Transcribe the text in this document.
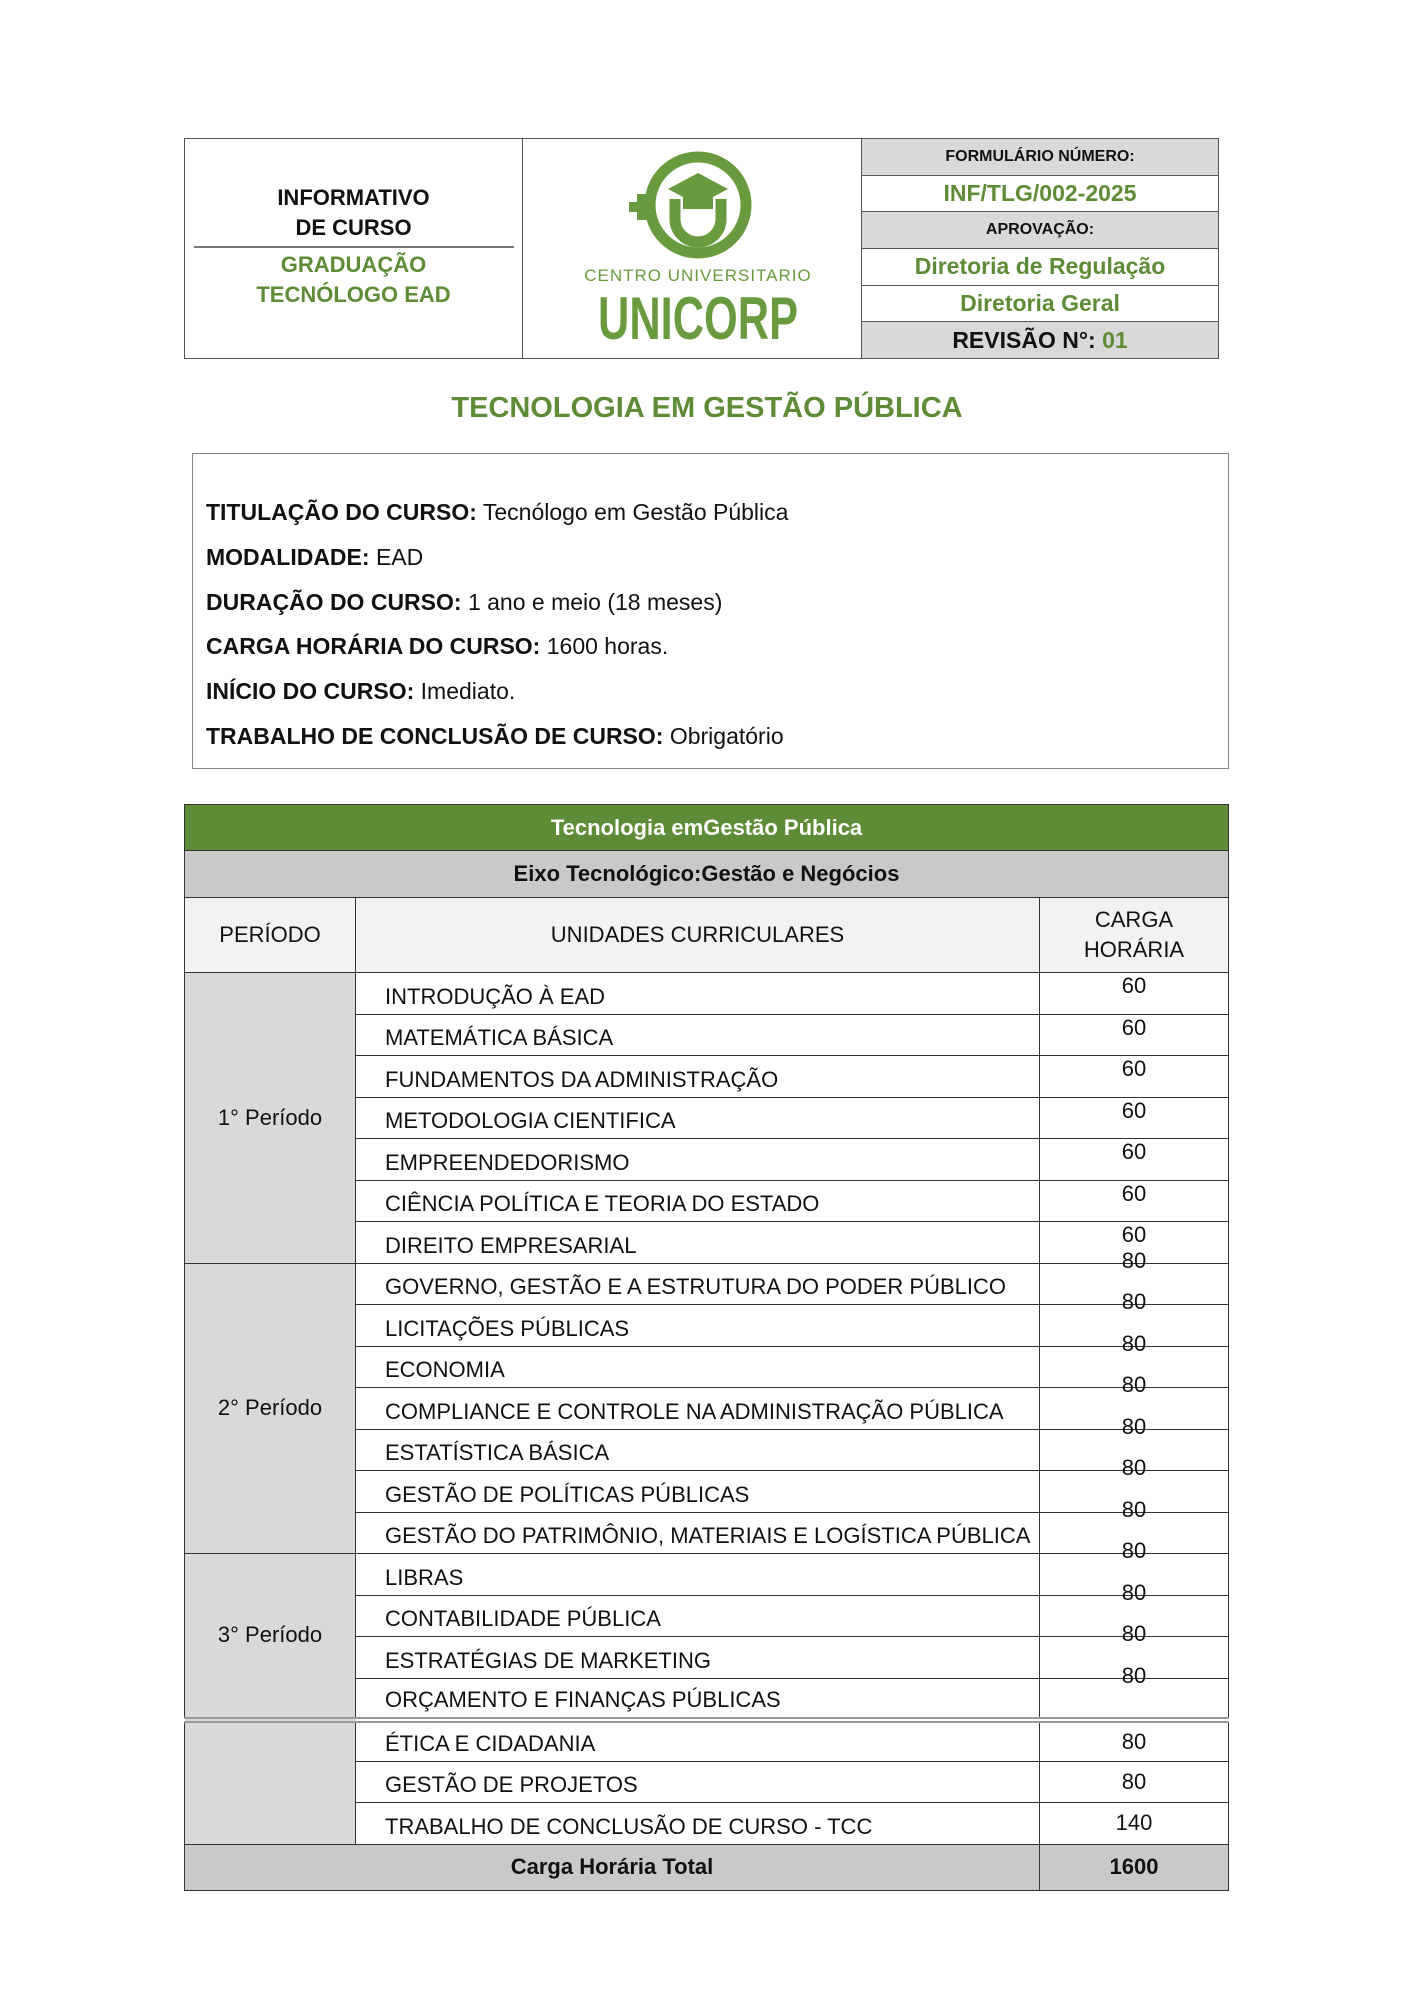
INFORMATIVO
DE CURSO
GRADUAÇÃO
TECNÓLOGO EAD
CENTRO UNIVERSITARIO
UNICORP
FORMULÁRIO NÚMERO:
INF/TLG/002-2025
APROVAÇÃO:
Diretoria de Regulação
Diretoria Geral
REVISÃO N°:
01
TECNOLOGIA EM GESTÃO PÚBLICA

TITULAÇÃO DO CURSO: Tecnólogo em Gestão Pública

MODALIDADE: EAD

DURAÇÃO DO CURSO: 1 ano e meio (18 meses)

CARGA HORÁRIA DO CURSO: 1600 horas.

INÍCIO DO CURSO: Imediato.

TRABALHO DE CONCLUSÃO DE CURSO: Obrigatório

Tecnologia emGestão Pública		
Eixo Tecnológico:Gestão e Negócios		
PERÍODO	UNIDADES CURRICULARES	CARGA
HORÁRIA

1° Período	INTRODUÇÃO À EAD	60

	MATEMÁTICA BÁSICA	60

	FUNDAMENTOS DA ADMINISTRAÇÃO	60

	METODOLOGIA CIENTIFICA	60

	EMPREENDEDORISMO	60

	CIÊNCIA POLÍTICA E TEORIA DO ESTADO	60

	DIREITO EMPRESARIAL	60

2° Período	GOVERNO, GESTÃO E A ESTRUTURA DO PODER PÚBLICO	80

	LICITAÇÕES PÚBLICAS	80

	ECONOMIA	80

	COMPLIANCE E CONTROLE NA ADMINISTRAÇÃO PÚBLICA	80

	ESTATÍSTICA BÁSICA	80

	GESTÃO DE POLÍTICAS PÚBLICAS	80

	GESTÃO DO PATRIMÔNIO, MATERIAIS E LOGÍSTICA PÚBLICA	80

3° Período	LIBRAS	80

	CONTABILIDADE PÚBLICA	80

	ESTRATÉGIAS DE MARKETING	80

	ORÇAMENTO E FINANÇAS PÚBLICAS	80

	ÉTICA E CIDADANIA	80

	GESTÃO DE PROJETOS	80

	TRABALHO DE CONCLUSÃO DE CURSO - TCC	140

Carga Horária Total		1600
